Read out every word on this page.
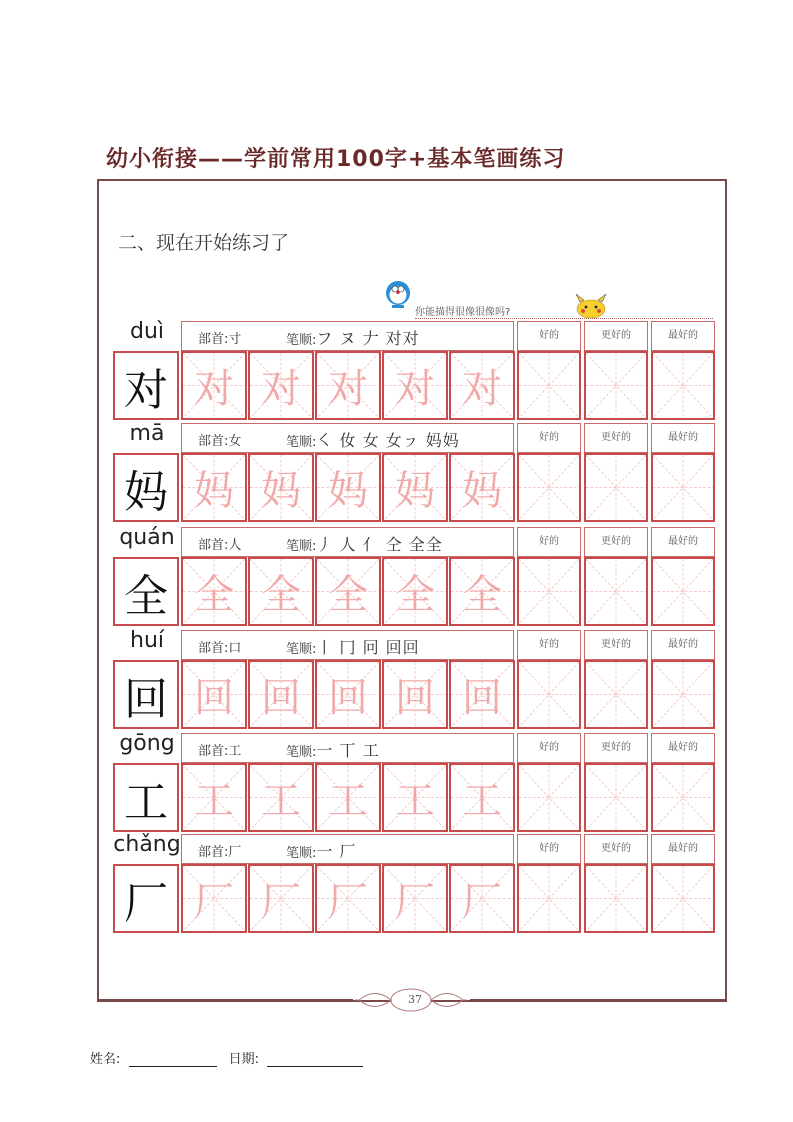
幼小衔接——学前常用100字+基本笔画练习
二、现在开始练习了
你能描得很像很像吗?
duì	部首:寸	笔顺:フ ヌ 𠂇 对对	好的	更好的	最好的
对 对 对 对 对 对
mā	部首:女	笔顺:㇛ 㚢 女 女ㇷ 妈妈	好的	更好的	最好的
妈 妈 妈 妈 妈 妈
quán	部首:人	笔顺:丿 人 ⺅ 仝 全全	好的	更好的	最好的
全 全 全 全 全 全
huí	部首:口	笔顺:丨 冂 冋 回回	好的	更好的	最好的
回 回 回 回 回 回
gōng	部首:工	笔顺:一 丅 工	好的	更好的	最好的
工 工 工 工 工 工
chǎng 部首:厂	笔顺:一 厂	好的	更好的	最好的
厂 厂 厂 厂 厂 厂
37
姓名:	日期:
